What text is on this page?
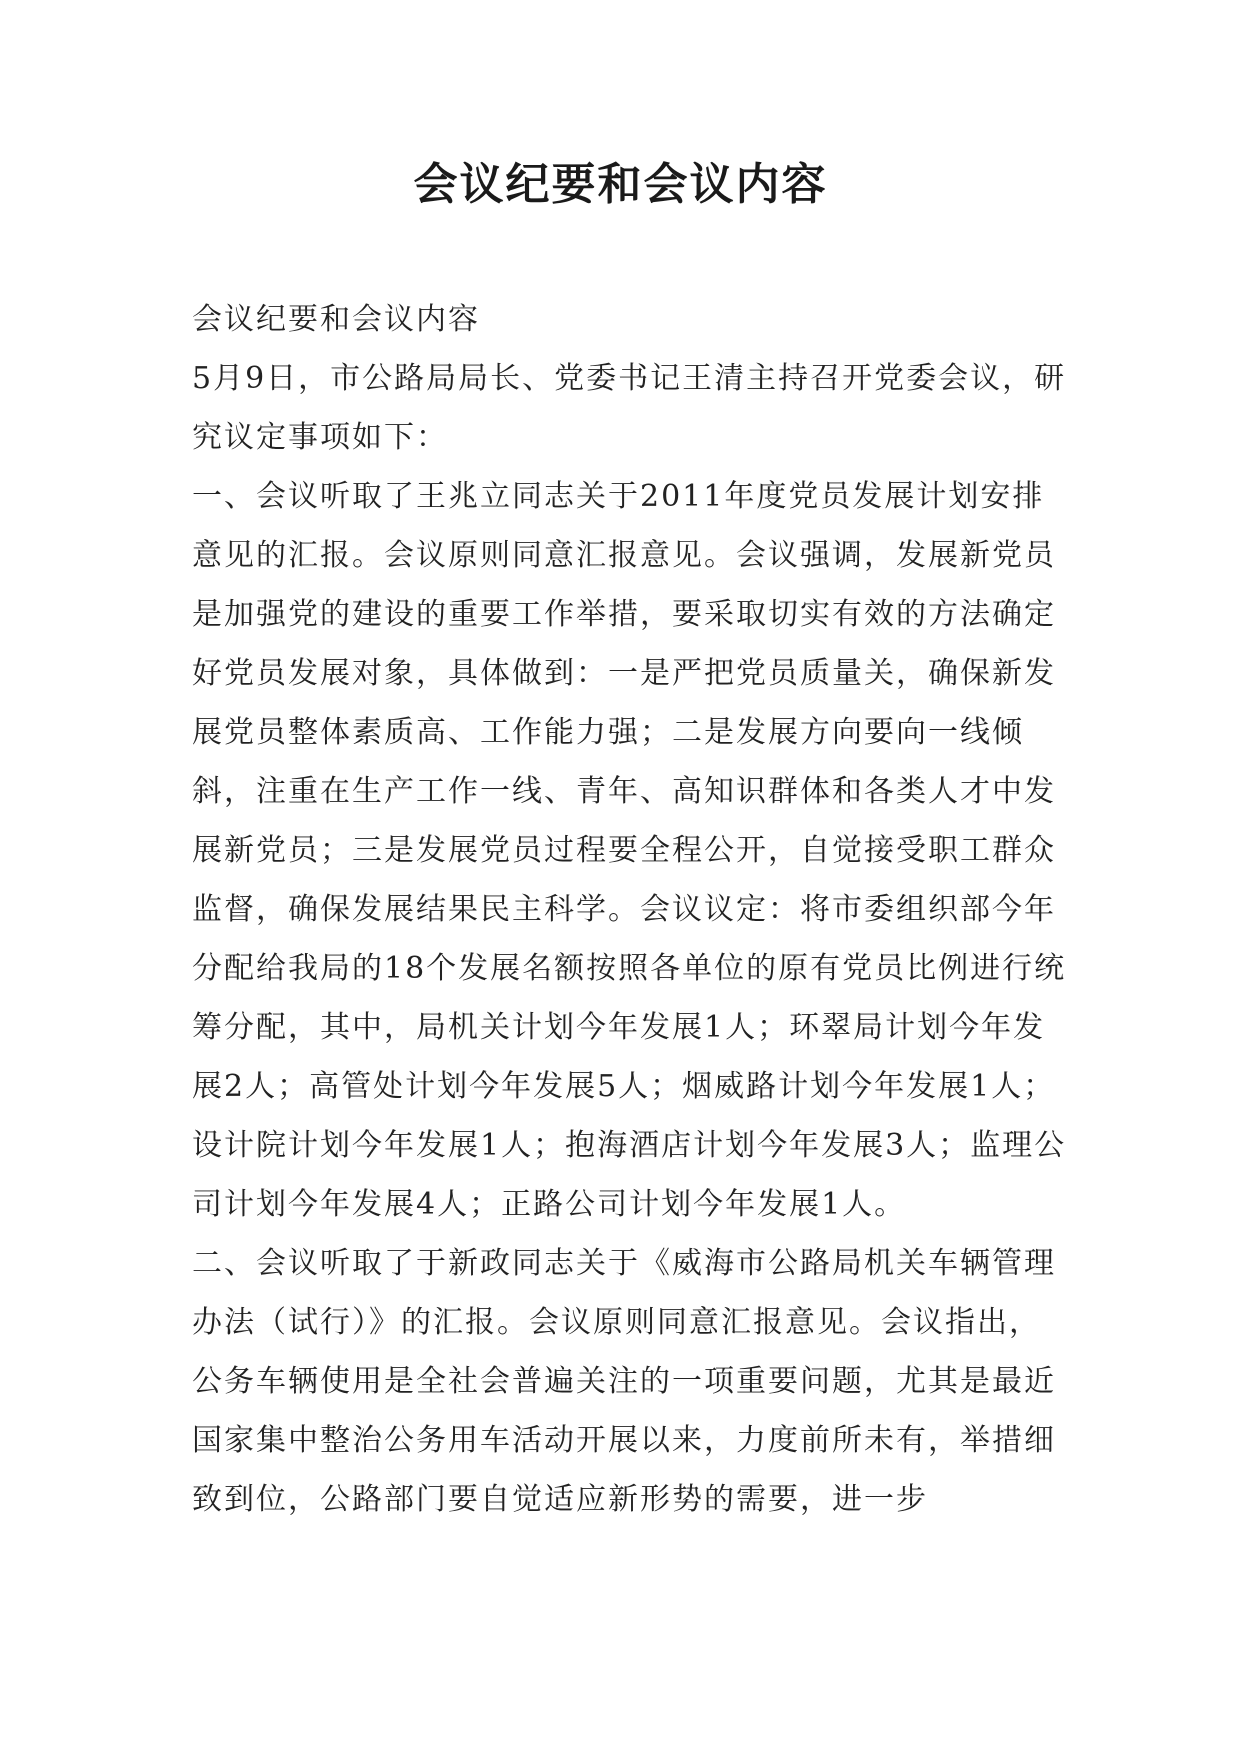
会议纪要和会议内容

会议纪要和会议内容

5月9日，市公路局局长、党委书记王清主持召开党委会议，研究议定事项如下：

一、会议听取了王兆立同志关于2011年度党员发展计划安排意见的汇报。会议原则同意汇报意见。会议强调，发展新党员是加强党的建设的重要工作举措，要采取切实有效的方法确定好党员发展对象，具体做到：一是严把党员质量关，确保新发展党员整体素质高、工作能力强；二是发展方向要向一线倾斜，注重在生产工作一线、青年、高知识群体和各类人才中发展新党员；三是发展党员过程要全程公开，自觉接受职工群众监督，确保发展结果民主科学。会议议定：将市委组织部今年分配给我局的18个发展名额按照各单位的原有党员比例进行统筹分配，其中，局机关计划今年发展1人；环翠局计划今年发展2人；高管处计划今年发展5人；烟威路计划今年发展1人；设计院计划今年发展1人；抱海酒店计划今年发展3人；监理公司计划今年发展4人；正路公司计划今年发展1人。

二、会议听取了于新政同志关于《威海市公路局机关车辆管理办法（试行）》的汇报。会议原则同意汇报意见。会议指出，公务车辆使用是全社会普遍关注的一项重要问题，尤其是最近国家集中整治公务用车活动开展以来，力度前所未有，举措细致到位，公路部门要自觉适应新形势的需要，进一步
